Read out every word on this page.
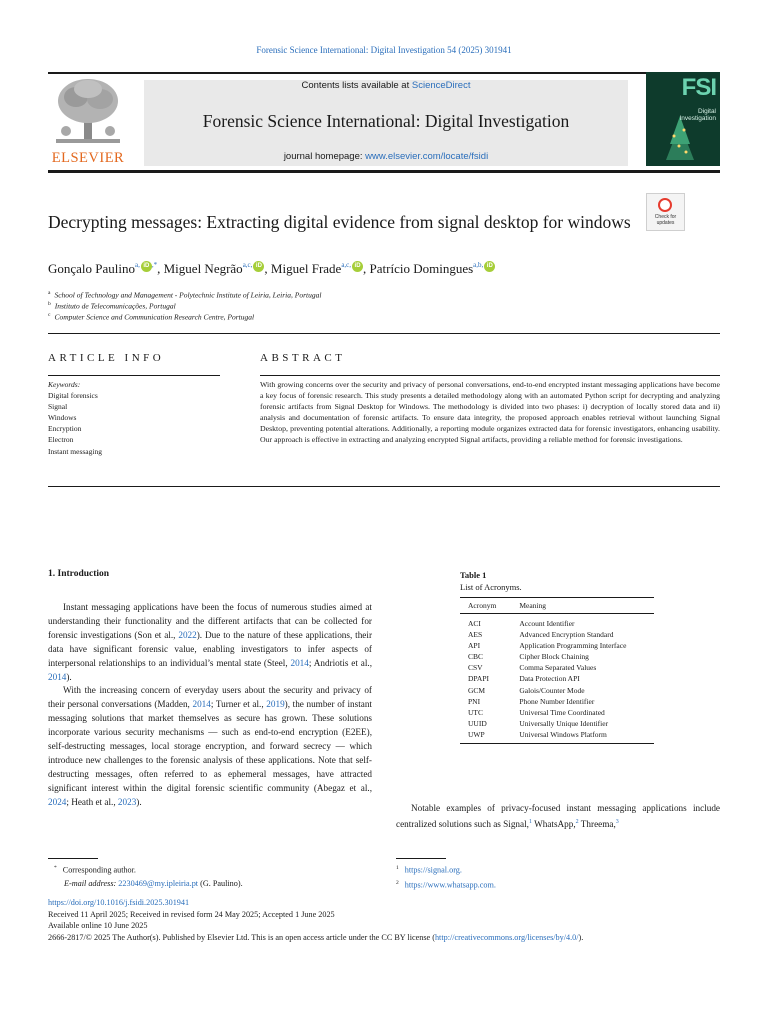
Forensic Science International: Digital Investigation 54 (2025) 301941
ELSEVIER
Contents lists available at ScienceDirect
Forensic Science International: Digital Investigation
journal homepage: www.elsevier.com/locate/fsidi
FSI
Digital
Investigation
Check for
updates
Decrypting messages: Extracting digital evidence from signal desktop for windows
Gonçalo Paulino$^{a,}$ iD ,*, Miguel Negrão$^{a,c,}$ iD , Miguel Frade$^{a,c,}$ iD , Patrício Domingues$^{a,b,}$ iD
$^a$ School of Technology and Management - Polytechnic Institute of Leiria, Leiria, Portugal
$^b$ Instituto de Telecomunicações, Portugal
$^c$ Computer Science and Communication Research Centre, Portugal
ARTICLE INFO
Keywords:
Digital forensics
Signal
Windows
Encryption
Electron
Instant messaging
ABSTRACT
With growing concerns over the security and privacy of personal conversations, end-to-end encrypted instant messaging applications have become a key focus of forensic research. This study presents a detailed methodology along with an automated Python script for decrypting and analyzing forensic artifacts from Signal Desktop for Windows. The methodology is divided into two phases: i) decryption of locally stored data and ii) analysis and documentation of forensic artifacts. To ensure data integrity, the proposed approach enables retrieval without launching Signal Desktop, preventing potential alterations. Additionally, a reporting module organizes extracted data for forensic investigators, enhancing usability. Our approach is effective in extracting and analyzing encrypted Signal artifacts, providing a reliable method for forensic investigations.
1. Introduction

Instant messaging applications have been the focus of numerous studies aimed at understanding their functionality and the different artifacts that can be collected for forensic investigations (Son et al., 2022). Due to the nature of these applications, their data have significant forensic value, enabling investigators to infer aspects of interpersonal relationships to an individual’s mental state (Steel, 2014; Andriotis et al., 2014).

With the increasing concern of everyday users about the security and privacy of their personal conversations (Madden, 2014; Turner et al., 2019), the number of instant messaging solutions that market themselves as secure has grown. These solutions incorporate various security mechanisms — such as end-to-end encryption (E2EE), self-destructing messages, local storage encryption, and forward secrecy — which introduce new challenges to the forensic analysis of these applications. Note that self-destructing messages, often referred to as ephemeral messages, have attracted significant interest within the digital forensic scientific community (Abegaz et al., 2024; Heath et al., 2023).

Notable examples of privacy-focused instant messaging applications include centralized solutions such as Signal,$^1$ WhatsApp,$^2$ Threema,$^3$

Table 1
List of Acronyms.
Acronym	Meaning
ACI	Account Identifier
AES	Advanced Encryption Standard
API	Application Programming Interface
CBC	Cipher Block Chaining
CSV	Comma Separated Values
DPAPI	Data Protection API
GCM	Galois/Counter Mode
PNI	Phone Number Identifier
UTC	Universal Time Coordinated
UUID	Universally Unique Identifier
UWP	Universal Windows Platform
* Corresponding author.
E-mail address: 2230469@my.ipleiria.pt (G. Paulino).
$^1$ https://signal.org.
$^2$ https://www.whatsapp.com.
https://doi.org/10.1016/j.fsidi.2025.301941
Received 11 April 2025; Received in revised form 24 May 2025; Accepted 1 June 2025
Available online 10 June 2025
2666-2817/© 2025 The Author(s). Published by Elsevier Ltd. This is an open access article under the CC BY license (http://creativecommons.org/licenses/by/4.0/).
